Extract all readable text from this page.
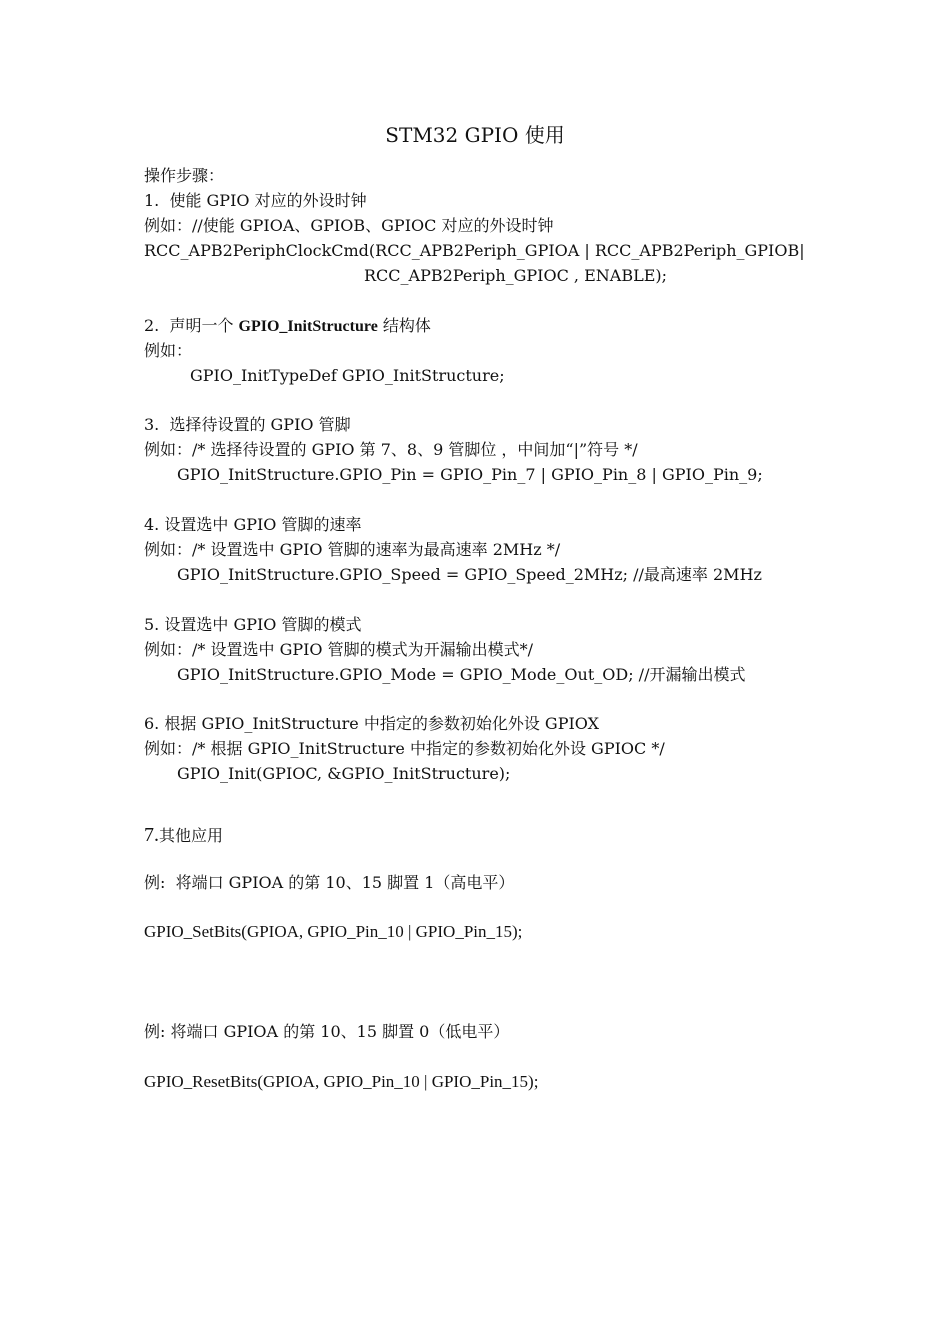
STM32 GPIO 使用
操作步骤：
1.  使能 GPIO 对应的外设时钟
例如：//使能 GPIOA、GPIOB、GPIOC 对应的外设时钟
RCC_APB2PeriphClockCmd(RCC_APB2Periph_GPIOA | RCC_APB2Periph_GPIOB|
RCC_APB2Periph_GPIOC , ENABLE);
2.  声明一个 GPIO_InitStructure 结构体
例如：
GPIO_InitTypeDef GPIO_InitStructure;
3.  选择待设置的 GPIO 管脚
例如：/* 选择待设置的 GPIO 第 7、8、9 管脚位 ，中间加“|”符号 */
GPIO_InitStructure.GPIO_Pin = GPIO_Pin_7 | GPIO_Pin_8 | GPIO_Pin_9;
4. 设置选中 GPIO 管脚的速率
例如：/* 设置选中 GPIO 管脚的速率为最高速率 2MHz */
GPIO_InitStructure.GPIO_Speed = GPIO_Speed_2MHz; //最高速率 2MHz
5. 设置选中 GPIO 管脚的模式
例如：/* 设置选中 GPIO 管脚的模式为开漏输出模式*/
GPIO_InitStructure.GPIO_Mode = GPIO_Mode_Out_OD; //开漏输出模式
6. 根据 GPIO_InitStructure 中指定的参数初始化外设 GPIOX
例如：/* 根据 GPIO_InitStructure 中指定的参数初始化外设 GPIOC */
GPIO_Init(GPIOC, &GPIO_InitStructure);
7.其他应用
例:  将端口 GPIOA 的第 10、15 脚置 1（高电平）
GPIO_SetBits(GPIOA, GPIO_Pin_10 | GPIO_Pin_15);
例: 将端口 GPIOA 的第 10、15 脚置 0（低电平）
GPIO_ResetBits(GPIOA, GPIO_Pin_10 | GPIO_Pin_15);
